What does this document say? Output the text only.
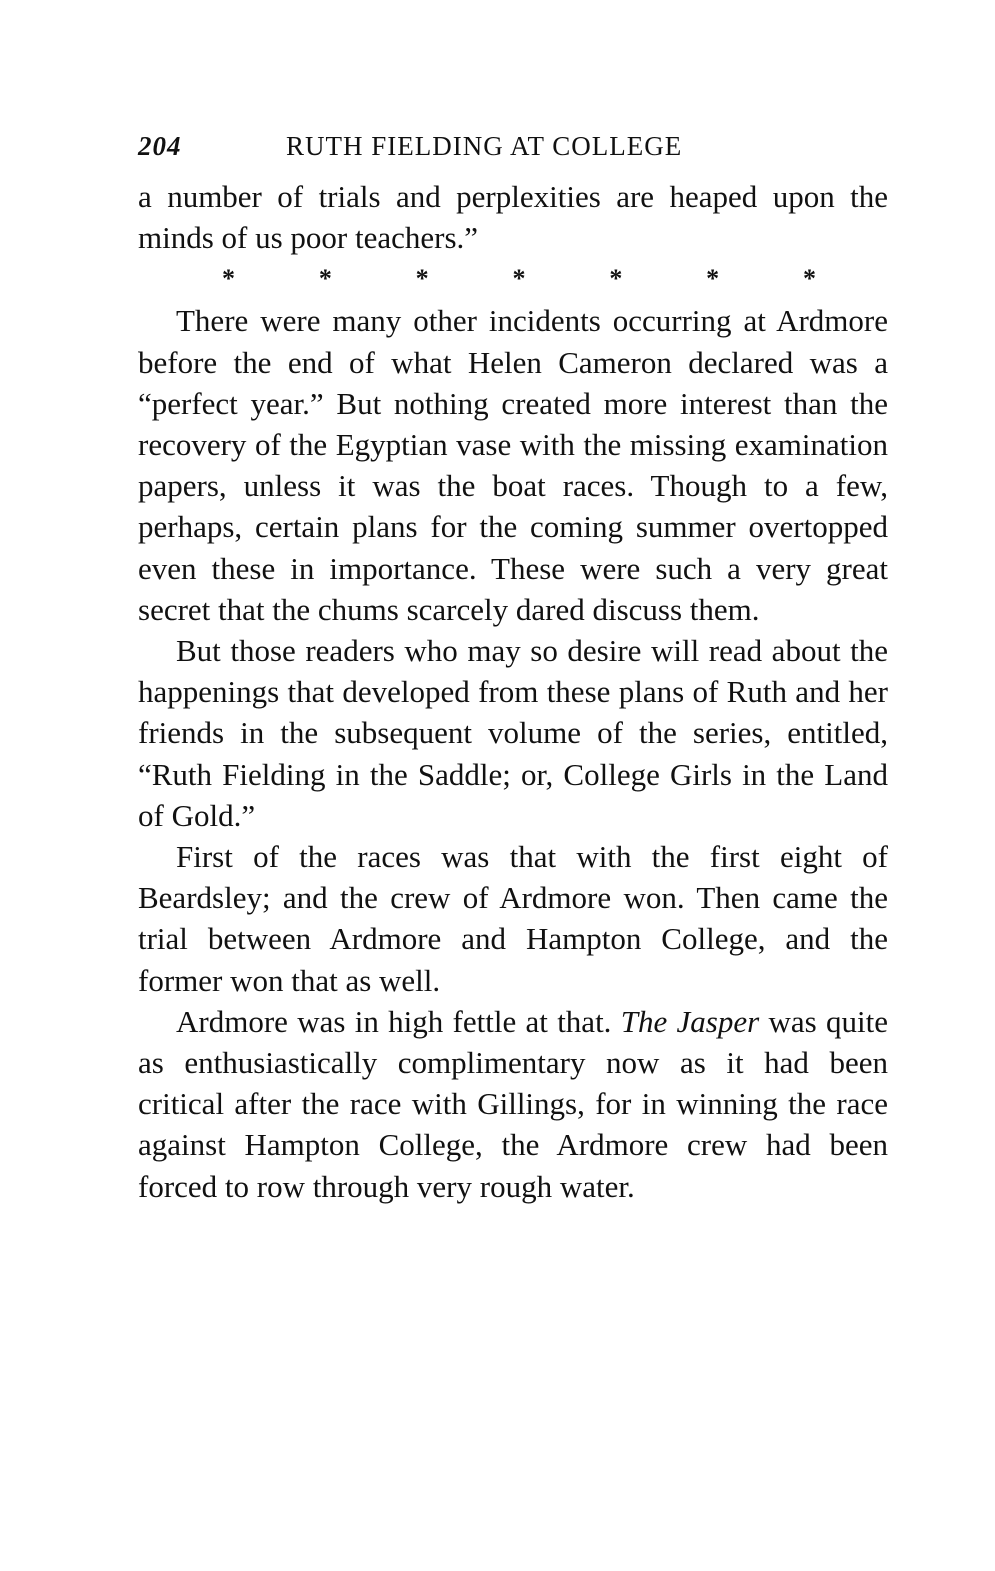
204	RUTH FIELDING AT COLLEGE

a number of trials and perplexities are heaped upon the minds of us poor teachers.”

*	*	*	*	*	*	*

There were many other incidents occurring at Ardmore before the end of what Helen Cameron declared was a “perfect year.” But nothing created more interest than the recovery of the Egyptian vase with the missing examination papers, unless it was the boat races. Though to a few, perhaps, certain plans for the coming summer overtopped even these in importance. These were such a very great secret that the chums scarcely dared discuss them.

But those readers who may so desire will read about the happenings that developed from these plans of Ruth and her friends in the subsequent volume of the series, entitled, “Ruth Fielding in the Saddle; or, College Girls in the Land of Gold.”

First of the races was that with the first eight of Beardsley; and the crew of Ardmore won. Then came the trial between Ardmore and Hampton College, and the former won that as well.

Ardmore was in high fettle at that. The Jasper was quite as enthusiastically complimentary now as it had been critical after the race with Gillings, for in winning the race against Hampton College, the Ardmore crew had been forced to row through very rough water.
